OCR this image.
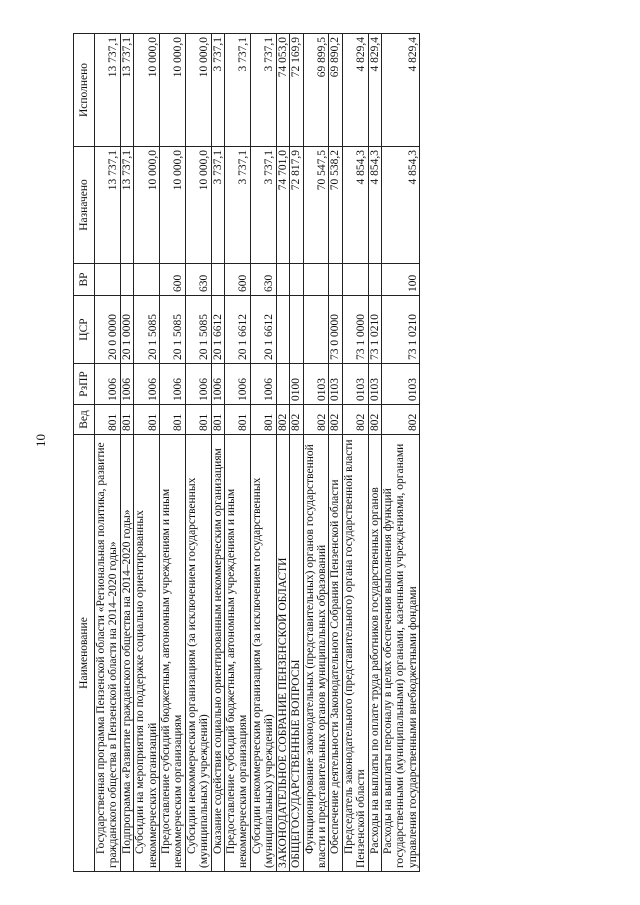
10
Наименование	Вед	РзПР	ЦСР	ВР	Назначено	Исполнено
Государственная программа Пензенской области «Региональная политика, развитие гражданского общества в Пензенской области на 2014–2020 годы»	801	1006	20 0 0000		13 737,1	13 737,1
Подпрограмма «Развитие гражданского общества на 2014–2020 годы»	801	1006	20 1 0000		13 737,1	13 737,1
Субсидии на мероприятия по поддержке социально ориентированных некоммерческих организаций	801	1006	20 1 5085		10 000,0	10 000,0
Предоставление субсидий бюджетным, автономным учреждениям и иным некоммерческим организациям	801	1006	20 1 5085	600	10 000,0	10 000,0
Субсидии некоммерческим организациям (за исключением государственных (муниципальных) учреждений)	801	1006	20 1 5085	630	10 000,0	10 000,0
Оказание содействия социально ориентированным некоммерческим организациям	801	1006	20 1 6612		3 737,1	3 737,1
Предоставление субсидий бюджетным, автономным учреждениям и иным некоммерческим организациям	801	1006	20 1 6612	600	3 737,1	3 737,1
Субсидии некоммерческим организациям (за исключением государственных (муниципальных) учреждений)	801	1006	20 1 6612	630	3 737,1	3 737,1
ЗАКОНОДАТЕЛЬНОЕ СОБРАНИЕ ПЕНЗЕНСКОЙ ОБЛАСТИ	802				74 701,0	74 053,0
ОБЩЕГОСУДАРСТВЕННЫЕ ВОПРОСЫ	802	0100			72 817,9	72 169,9
Функционирование законодательных (представительных) органов государственной власти и представительных органов муниципальных образований	802	0103			70 547,5	69 899,5
Обеспечение деятельности Законодательного Собрания Пензенской области	802	0103	73 0 0000		70 538,2	69 890,2
Председатель законодательного (представительного) органа государственной власти Пензенской области	802	0103	73 1 0000		4 854,3	4 829,4
Расходы на выплаты по оплате труда работников государственных органов	802	0103	73 1 0210		4 854,3	4 829,4
Расходы на выплаты персоналу в целях обеспечения выполнения функций государственными (муниципальными) органами, казенными учреждениями, органами управления государственными внебюджетными фондами	802	0103	73 1 0210	100	4 854,3	4 829,4
